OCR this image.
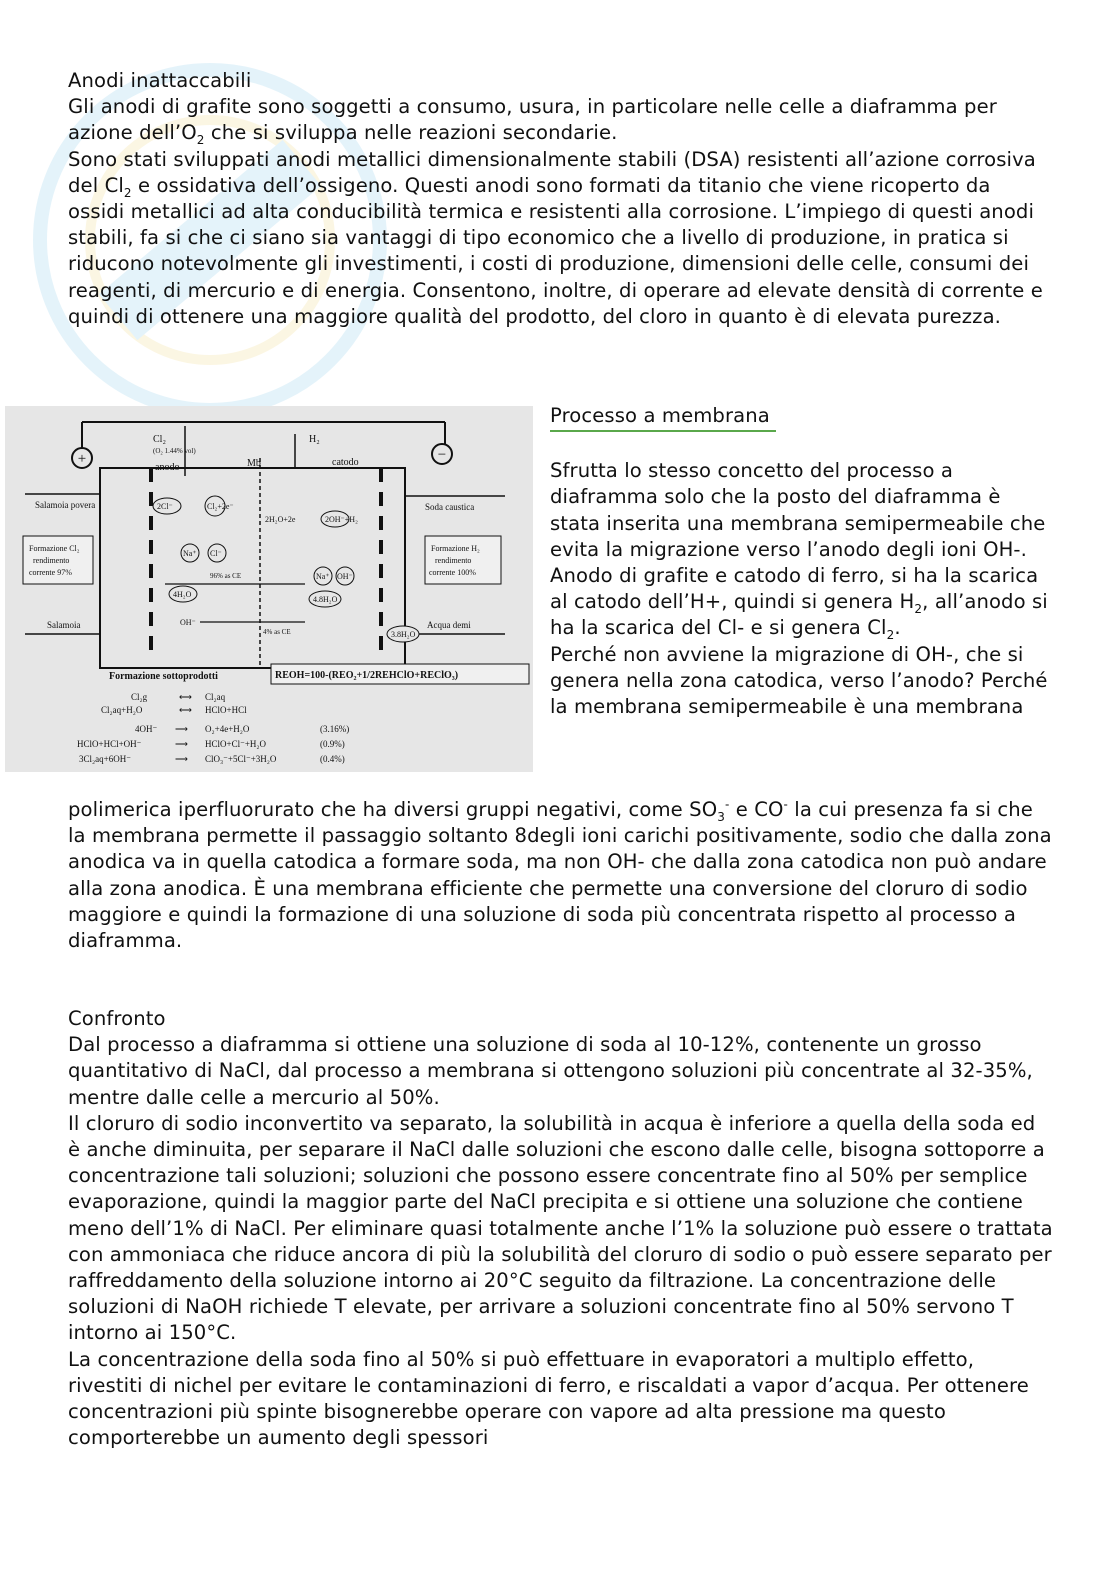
Anodi inattaccabili

Gli anodi di grafite sono soggetti a consumo, usura, in particolare nelle celle a diaframma per azione $dell’O_2$ che si sviluppa nelle reazioni secondarie.

Sono stati sviluppati anodi metallici dimensionalmente stabili (DSA) resistenti all’azione corrosiva del $Cl_2$ e ossidativa dell’ossigeno. Questi anodi sono formati da titanio che viene ricoperto da ossidi metallici ad alta conducibilità termica e resistenti alla corrosione. L’impiego di questi anodi stabili, fa si che ci siano sia vantaggi di tipo economico che a livello di produzione, in pratica si riducono notevolmente gli investimenti, i costi di produzione, dimensioni delle celle, consumi dei reagenti, di mercurio e di energia. Consentono, inoltre, di operare ad elevate densità di corrente e quindi di ottenere una maggiore qualità del prodotto, del cloro in quanto è di elevata purezza.

+	−
Cl₂
(O₂ 1.44% vol)
H₂
anodo	Mb	catodo
Salamoia povera	Soda caustica
Formazione Cl₂
rendimento
corrente 97%
Formazione H₂
rendimento
corrente 100%
Salamoia	Acqua demi
2Cl⁻	Cl₂+2e⁻
2H₂O+2e	2OH⁻+H₂
Na⁺ Cl⁻
96% as CE	Na⁺ OH⁻
4H₂O
4.8H₂O
OH⁻
4% as CE	3.8H₂O
Formazione sottoprodotti	REOH=100-(REO₂+1/2REHClO+REClO₃)
Cl₂g	⟷ Cl₂aq
Cl₂aq+H₂O	⟷ HClO+HCl
4OH⁻ ⟶ O₂+4e+H₂O	(3.16%)
HClO+HCl+OH⁻	⟶ HClO+Cl⁻+H₂O	(0.9%)
3Cl₂aq+6OH⁻	⟶ ClO₃⁻+5Cl⁻+3H₂O	(0.4%)

Processo a membrana

Sfrutta lo stesso concetto del processo a diaframma solo che la posto del diaframma è stata inserita una membrana semipermeabile che evita la migrazione verso l’anodo degli ioni OH-.

Anodo di grafite e catodo di ferro, si ha la scarica al catodo dell’H+, quindi si genera $H_2$, all’anodo si ha la scarica del Cl- e si genera $Cl_2$.

Perché non avviene la migrazione di OH-, che si genera nella zona catodica, verso l’anodo? Perché la membrana semipermeabile è una membrana

polimerica iperfluorurato che ha diversi gruppi negativi, come $SO_3^-$ e CO- la cui presenza fa si che la membrana permette il passaggio soltanto 8degli ioni carichi positivamente, sodio che dalla zona anodica va in quella catodica a formare soda, ma non OH- che dalla zona catodica non può andare alla zona anodica. È una membrana efficiente che permette una conversione del cloruro di sodio maggiore e quindi la formazione di una soluzione di soda più concentrata rispetto al processo a diaframma.

Confronto

Dal processo a diaframma si ottiene una soluzione di soda al 10-12%, contenente un grosso quantitativo di NaCl, dal processo a membrana si ottengono soluzioni più concentrate al 32-35%, mentre dalle celle a mercurio al 50%.

Il cloruro di sodio inconvertito va separato, la solubilità in acqua è inferiore a quella della soda ed è anche diminuita, per separare il NaCl dalle soluzioni che escono dalle celle, bisogna sottoporre a concentrazione tali soluzioni; soluzioni che possono essere concentrate fino al 50% per semplice evaporazione, quindi la maggior parte del NaCl precipita e si ottiene una soluzione che contiene meno dell’1% di NaCl. Per eliminare quasi totalmente anche l’1% la soluzione può essere o trattata con ammoniaca che riduce ancora di più la solubilità del cloruro di sodio o può essere separato per raffreddamento della soluzione intorno ai 20°C seguito da filtrazione. La concentrazione delle soluzioni di NaOH richiede T elevate, per arrivare a soluzioni concentrate fino al 50% servono T intorno ai 150°C.

La concentrazione della soda fino al 50% si può effettuare in evaporatori a multiplo effetto, rivestiti di nichel per evitare le contaminazioni di ferro, e riscaldati a vapor d’acqua. Per ottenere concentrazioni più spinte bisognerebbe operare con vapore ad alta pressione ma questo comporterebbe un aumento degli spessori
